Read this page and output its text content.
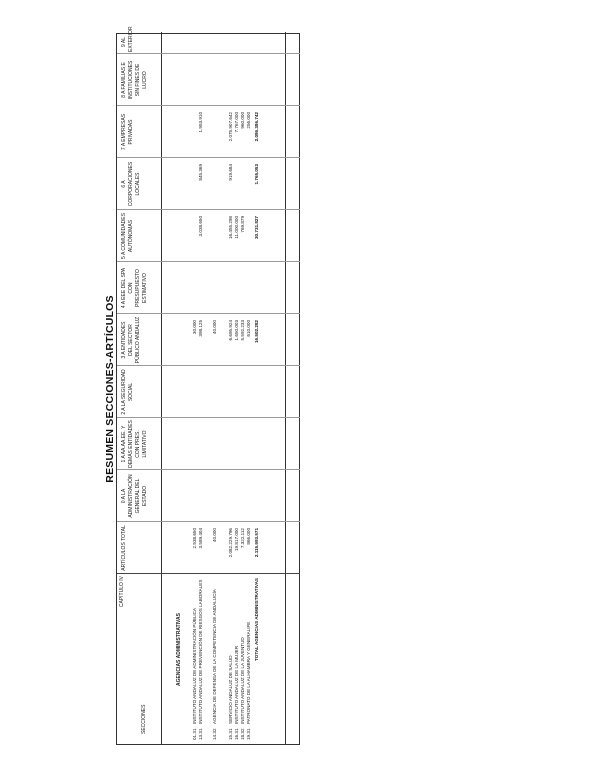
RESUMEN SECCIONES-ARTÍCULOS
CAPÍTULO IV
SECCIONES
ARTÍCULOS TOTAL
0 A LA ADMINISTRACIÓN GENERAL DEL ESTADO
1 A AA.AA.EE. Y DEMÁS ENTIDADES CON PRES. LIMITATIVO
2 A LA SEGURIDAD SOCIAL
3 A ENTIDADES DEL SECTOR PÚBLICO ANDALUZ
4 A EEE DEL SPA CON PRESUPUESTO ESTIMATIVO
5 A COMUNIDADES AUTÓNOMAS
6 A CORPORACIONES LOCALES
7 A EMPRESAS PRIVADAS
8 A FAMILIAS E INSTITUCIONES SIN FINES DE LUCRO
9 AL EXTERIOR
AGENCIAS ADMINISTRATIVAS
01.31
INSTITUTO ANDALUZ DE ADMINISTRACIÓN PÚBLICA
2.538.650
30.000
13.31
INSTITUTO ANDALUZ DE PREVENCIÓN DE RIESGOS LABORALES
3.589.404
398.125
3.038.650
845.369
1.953.910
14.32
AGENCIA DE DEFENSA DE LA COMPETENCIA DE ANDALUCÍA
40.000
40.000
15.31
SERVICIO ANDALUZ DE SALUD
2.082.229.796
6.695.924
16.455.298
919.684
2.075.907.642
16.31
INSTITUTO ANDALUZ DE LA MUJER
19.817.000
1.650.003
11.000.000
7.767.000
18.32
INSTITUTO ANDALUZ DE LA JUVENTUD
7.322.112
5.592.233
769.879
960.000
19.31
PATRONATO DE LA ALHAMBRA Y GENERALIFE
866.000
610.000
256.000
TOTAL AGENCIAS ADMINISTRATIVAS
2.115.993.571
16.502.282
30.731.827
1.765.053
2.086.386.742
